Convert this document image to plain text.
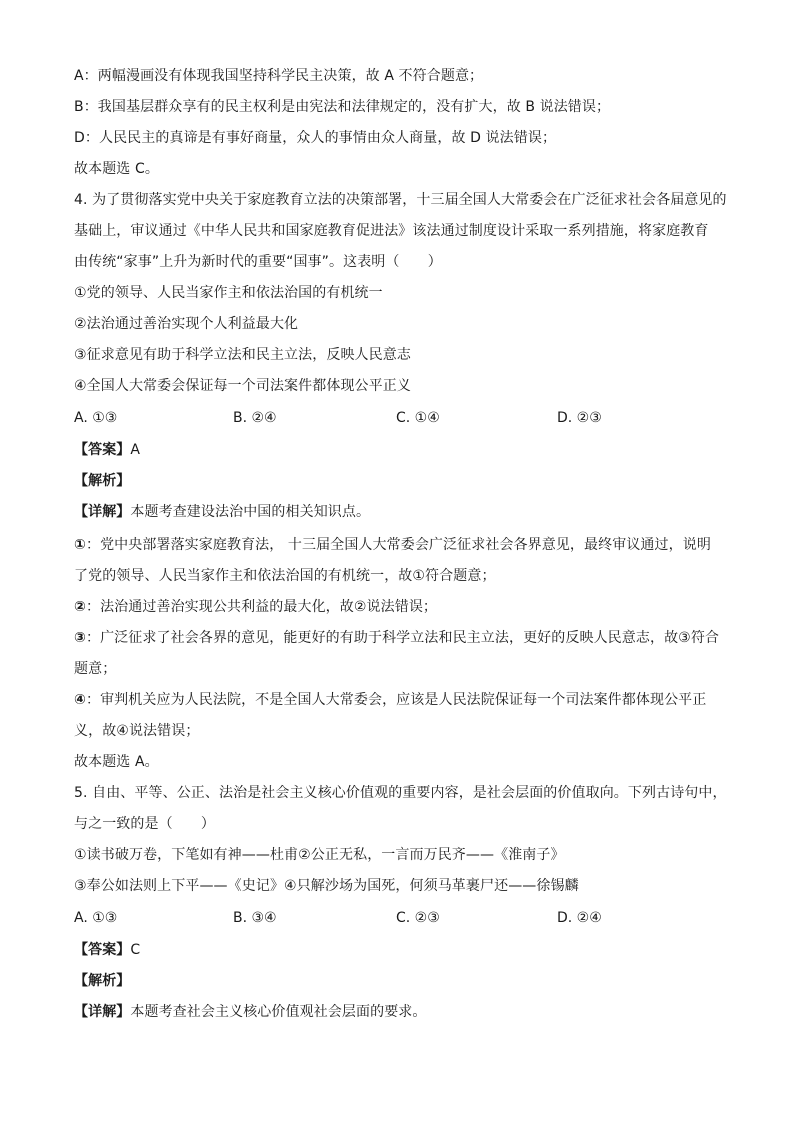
A：两幅漫画没有体现我国坚持科学民主决策，故 A 不符合题意；
B：我国基层群众享有的民主权利是由宪法和法律规定的，没有扩大，故 B 说法错误；
D：人民民主的真谛是有事好商量，众人的事情由众人商量，故 D 说法错误；
故本题选 C。
4. 为了贯彻落实党中央关于家庭教育立法的决策部署，十三届全国人大常委会在广泛征求社会各届意见的
基础上，审议通过《中华人民共和国家庭教育促进法》该法通过制度设计采取一系列措施，将家庭教育
由传统“家事”上升为新时代的重要“国事”。这表明（　　）
①党的领导、人民当家作主和依法治国的有机统一
②法治通过善治实现个人利益最大化
③征求意见有助于科学立法和民主立法，反映人民意志
④全国人大常委会保证每一个司法案件都体现公平正义
A. ①③	B. ②④	C. ①④	D. ②③
【答案】A
【解析】
【详解】本题考查建设法治中国的相关知识点。
①：党中央部署落实家庭教育法， 十三届全国人大常委会广泛征求社会各界意见，最终审议通过，说明
了党的领导、人民当家作主和依法治国的有机统一，故①符合题意；
②：法治通过善治实现公共利益的最大化，故②说法错误；
③：广泛征求了社会各界的意见，能更好的有助于科学立法和民主立法，更好的反映人民意志，故③符合
题意；
④：审判机关应为人民法院，不是全国人大常委会，应该是人民法院保证每一个司法案件都体现公平正
义，故④说法错误；
故本题选 A。
5. 自由、平等、公正、法治是社会主义核心价值观的重要内容，是社会层面的价值取向。下列古诗句中，
与之一致的是（　　）
①读书破万卷，下笔如有神——杜甫②公正无私，一言而万民齐——《淮南子》
③奉公如法则上下平——《史记》④只解沙场为国死，何须马革裹尸还——徐锡麟
A. ①③	B. ③④	C. ②③	D. ②④
【答案】C
【解析】
【详解】本题考查社会主义核心价值观社会层面的要求。
